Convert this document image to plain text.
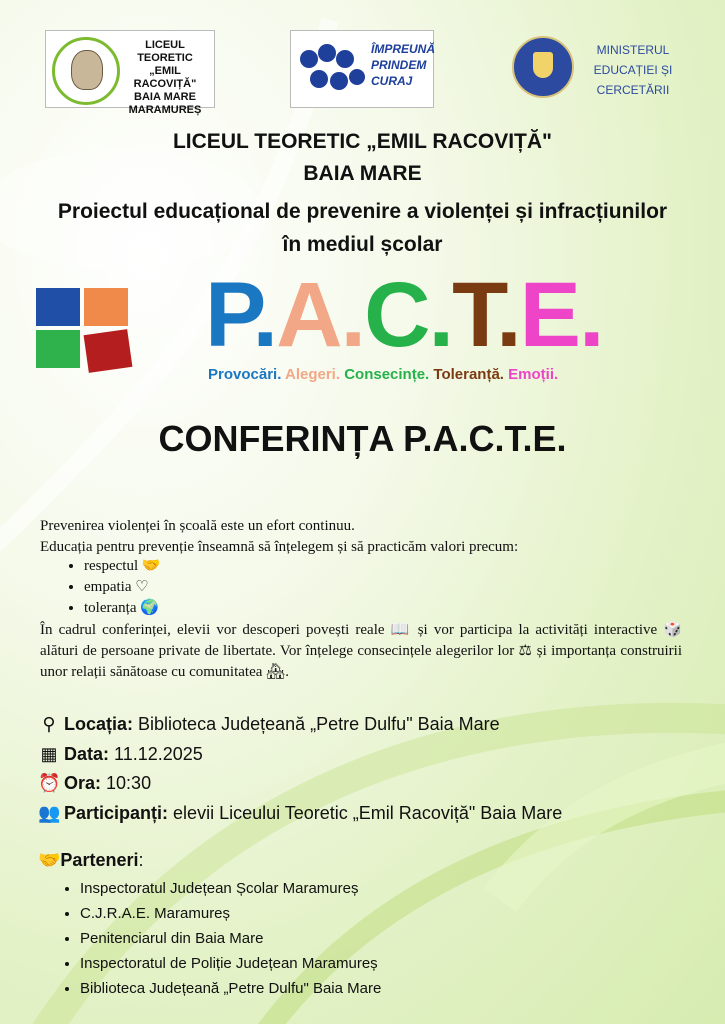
LICEUL TEORETIC
„EMIL RACOVIȚĂ"
BAIA MARE
MARAMUREȘ
ÎMPREUNĂ
PRINDEM
CURAJ
MINISTERUL
EDUCAȚIEI ȘI
CERCETĂRII
LICEUL TEORETIC „EMIL RACOVIȚĂ"
BAIA MARE
Proiectul educațional de prevenire a violenței și infracțiunilor
în mediul școlar
P.A.C.T.E.
Provocări. Alegeri. Consecințe. Toleranță. Emoții.
CONFERINȚA P.A.C.T.E.
Prevenirea violenței în școală este un efort continuu.
Educația pentru prevenție înseamnă să înțelegem și să practicăm valori precum:
• respectul 🤝
• empatia ♡
• toleranța 🌍
În cadrul conferinței, elevii vor descoperi povești reale 📖 și vor participa la activități interactive 🎲 alături de persoane private de libertate. Vor înțelege consecințele alegerilor lor ⚖ și importanța construirii unor relații sănătoase cu comunitatea 🏘.
⚲ Locația: Biblioteca Județeană „Petre Dulfu" Baia Mare
▦ Data: 11.12.2025
⏰ Ora: 10:30
👥 Participanți: elevii Liceului Teoretic „Emil Racoviță" Baia Mare
🤝Parteneri:
• Inspectoratul Județean Școlar Maramureș
• C.J.R.A.E. Maramureș
• Penitenciarul din Baia Mare
• Inspectoratul de Poliție Județean Maramureș
• Biblioteca Județeană „Petre Dulfu" Baia Mare
